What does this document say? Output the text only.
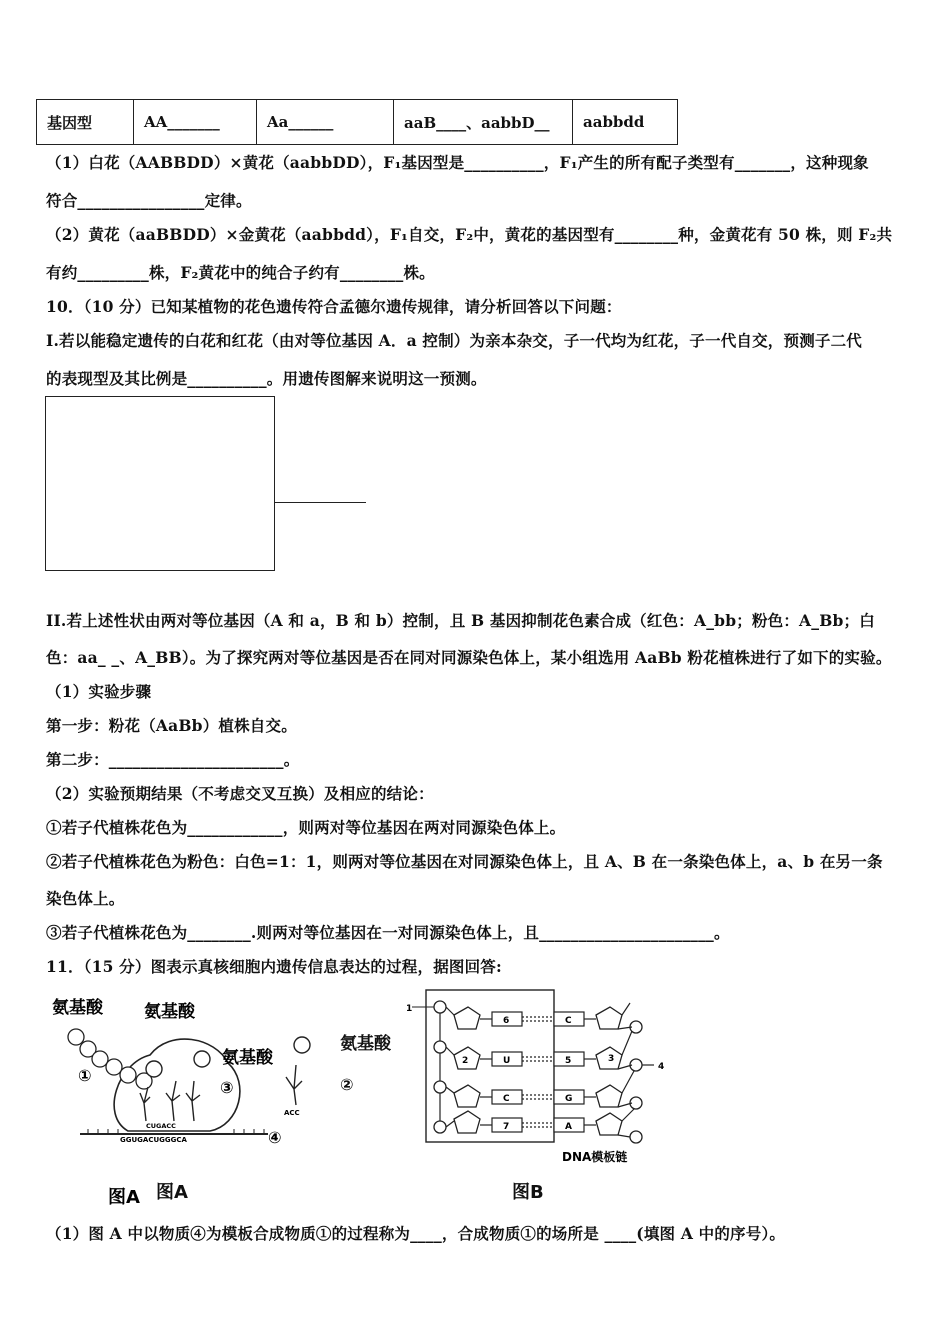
基因型	AA_______	Aa______	aaB____、aabbD__	aabbdd
（1）白花（AABBDD）×黄花（aabbDD），F₁基因型是__________，F₁产生的所有配子类型有_______，这种现象
符合________________定律。
（2）黄花（aaBBDD）×金黄花（aabbdd），F₁自交，F₂中，黄花的基因型有________种，金黄花有 50 株，则 F₂共
有约_________株，F₂黄花中的纯合子约有________株。
10．（10 分）已知某植物的花色遗传符合孟德尔遗传规律，请分析回答以下问题：
I.若以能稳定遗传的白花和红花（由对等位基因 A．a 控制）为亲本杂交，子一代均为红花，子一代自交，预测子二代
的表现型及其比例是__________。用遗传图解来说明这一预测。
II.若上述性状由两对等位基因（A 和 a，B 和 b）控制，且 B 基因抑制花色素合成（红色：A_bb；粉色：A_Bb；白
色：aa_ _、A_BB）。为了探究两对等位基因是否在同对同源染色体上，某小组选用 AaBb 粉花植株进行了如下的实验。
（1）实验步骤
第一步：粉花（AaBb）植株自交。
第二步：______________________。
（2）实验预期结果（不考虑交叉互换）及相应的结论：
①若子代植株花色为____________，则两对等位基因在两对同源染色体上。
②若子代植株花色为粉色：白色=1：1，则两对等位基因在对同源染色体上，且 A、B 在一条染色体上，a、b 在另一条
染色体上。
③若子代植株花色为________.则两对等位基因在一对同源染色体上，且______________________。
11．（15 分）图表示真核细胞内遗传信息表达的过程，据图回答:
CUGACC
GGUGACUGGGCA
ACC
氨基酸 氨基酸
氨基酸
①
③
④
图A
氨基酸
②
图A
2
6
U
C
7
C
5
G
A
3
1
4
DNA模板链
图B
（1）图 A 中以物质④为模板合成物质①的过程称为____，合成物质①的场所是 ____(填图 A 中的序号）。
